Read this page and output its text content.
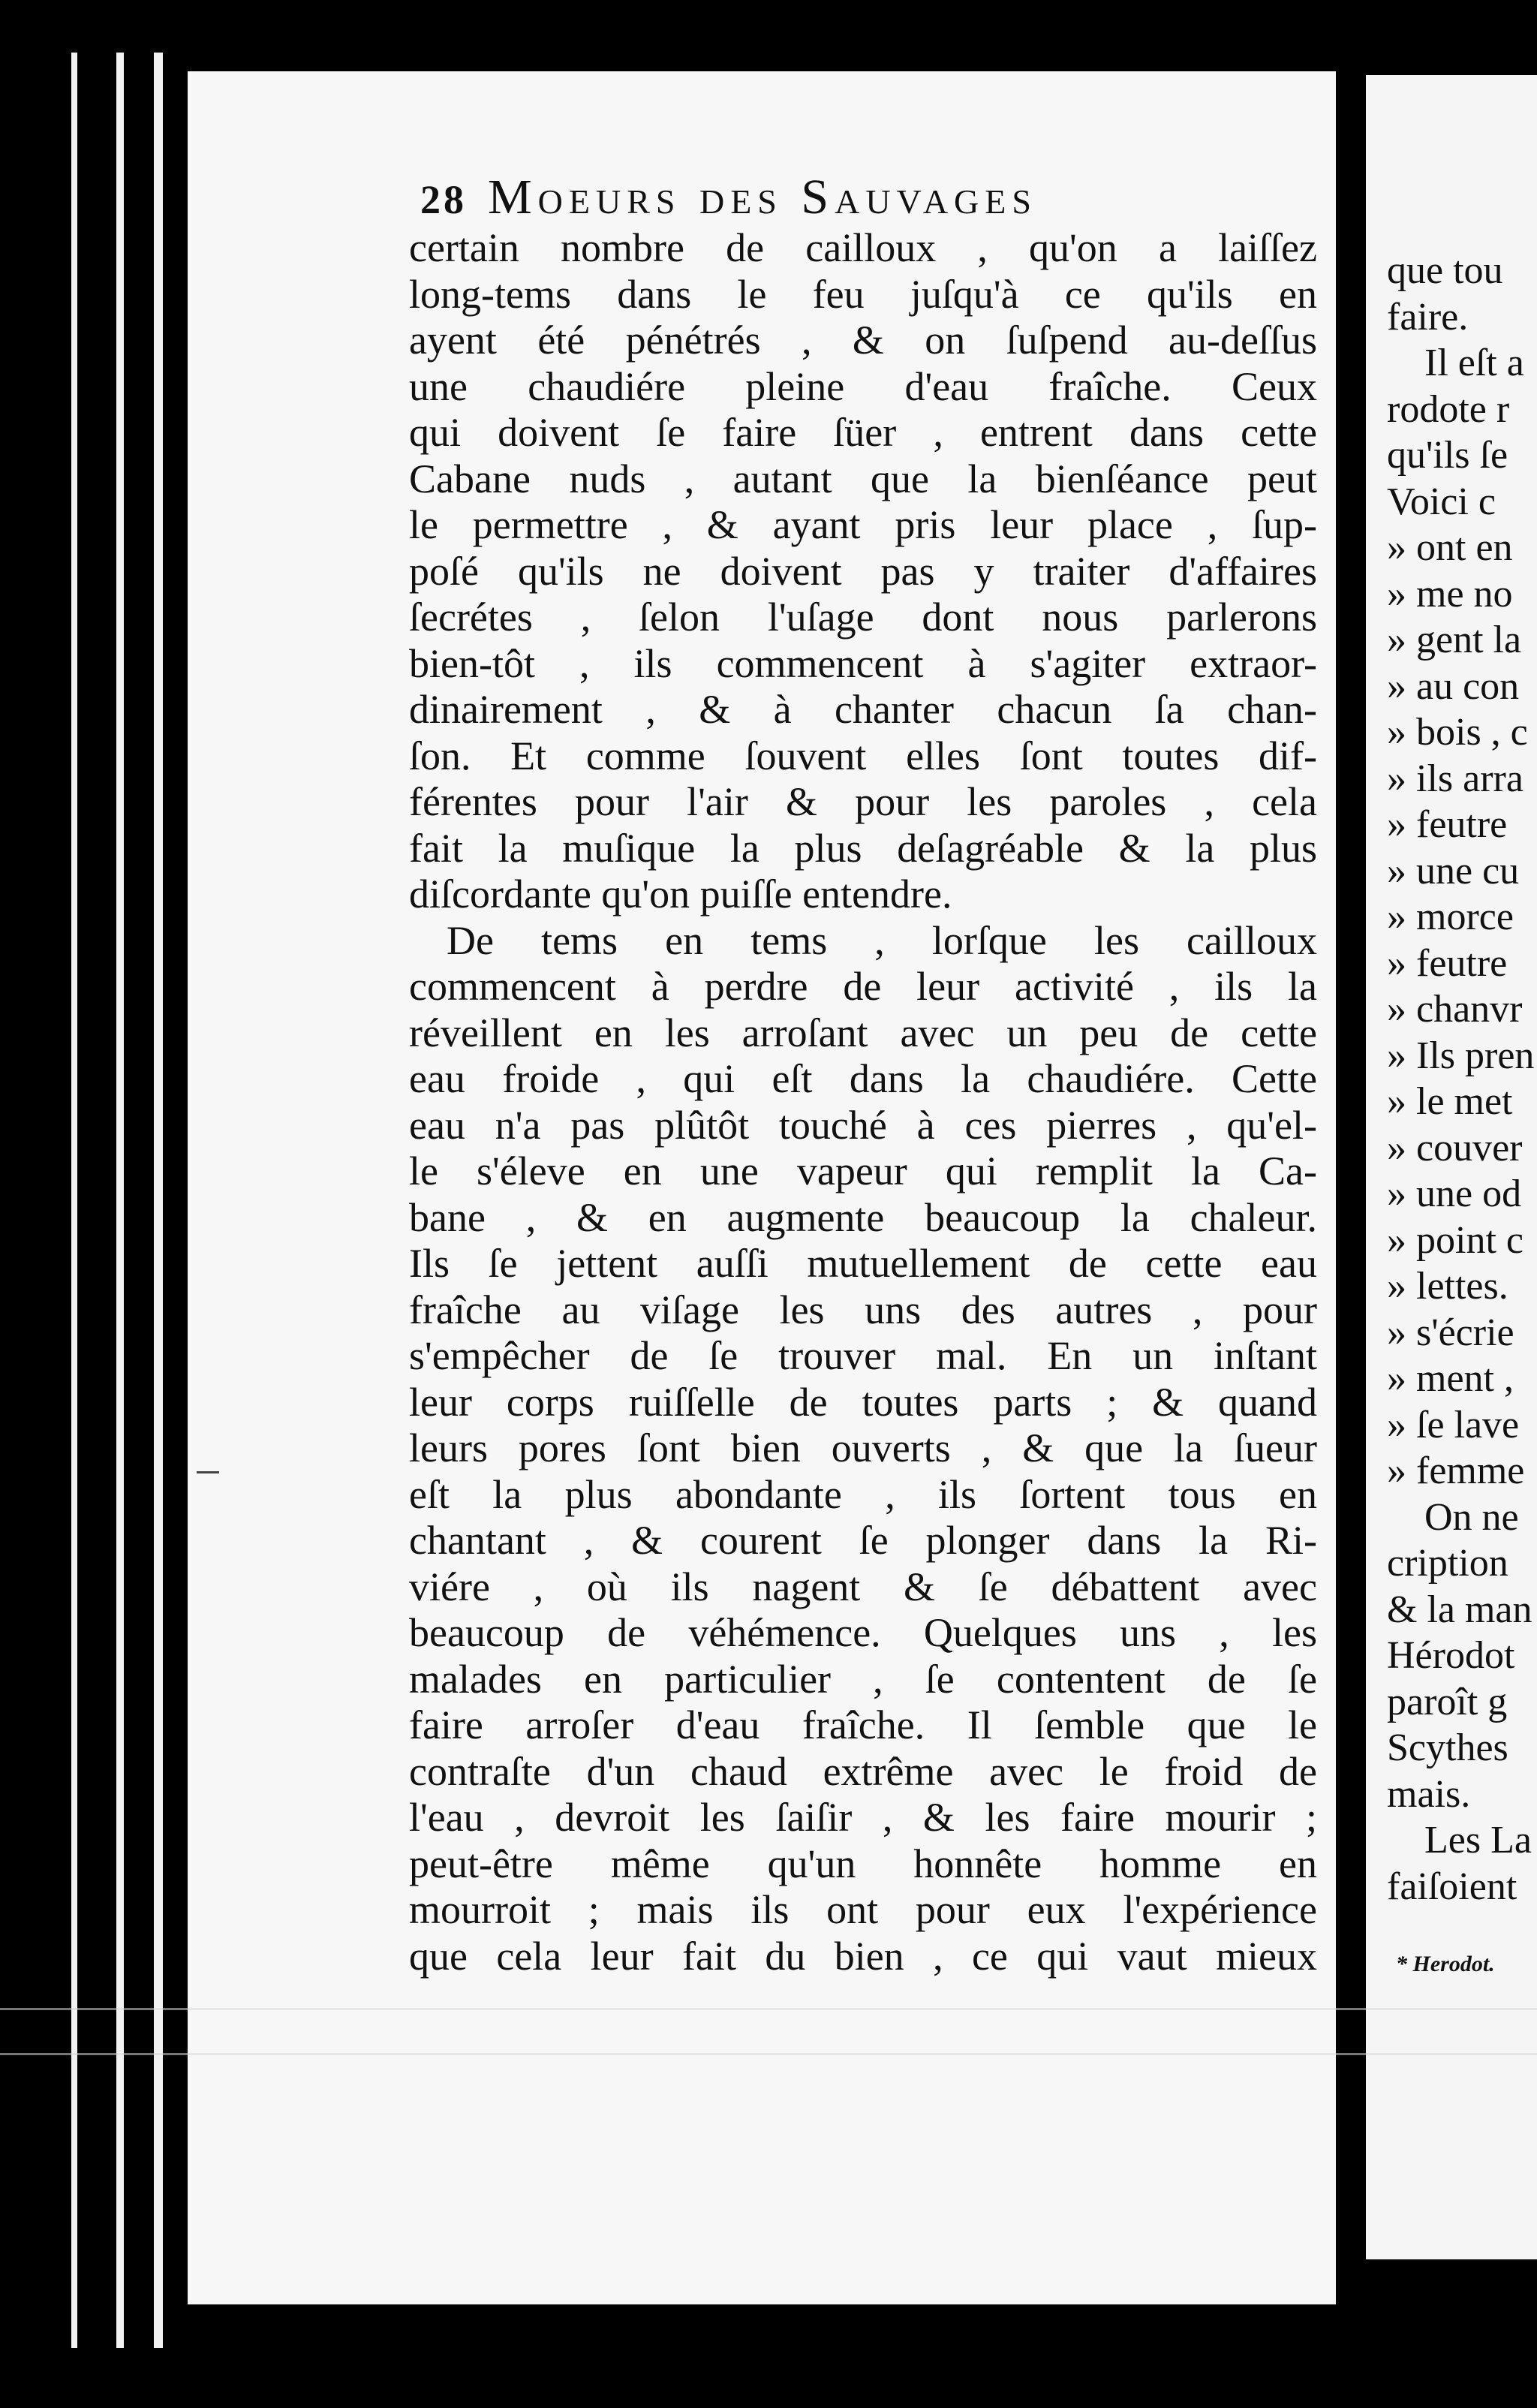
28 Moeurs des Sauvages
certain nombre de cailloux , qu'on a laiſſez
long-tems dans le feu juſqu'à ce qu'ils en
ayent été pénétrés , & on ſuſpend au-deſſus
une chaudiére pleine d'eau fraîche. Ceux
qui doivent ſe faire ſüer , entrent dans cette
Cabane nuds , autant que la bienſéance peut
le permettre , & ayant pris leur place , ſup-
poſé qu'ils ne doivent pas y traiter d'affaires
ſecrétes , ſelon l'uſage dont nous parlerons
bien-tôt , ils commencent à s'agiter extraor-
dinairement , & à chanter chacun ſa chan-
ſon. Et comme ſouvent elles ſont toutes dif-
férentes pour l'air & pour les paroles , cela
fait la muſique la plus deſagréable & la plus
diſcordante qu'on puiſſe entendre.
De tems en tems , lorſque les cailloux
commencent à perdre de leur activité , ils la
réveillent en les arroſant avec un peu de cette
eau froide , qui eſt dans la chaudiére. Cette
eau n'a pas plûtôt touché à ces pierres , qu'el-
le s'éleve en une vapeur qui remplit la Ca-
bane , & en augmente beaucoup la chaleur.
Ils ſe jettent auſſi mutuellement de cette eau
fraîche au viſage les uns des autres , pour
s'empêcher de ſe trouver mal. En un inſtant
leur corps ruiſſelle de toutes parts ; & quand
leurs pores ſont bien ouverts , & que la ſueur
eſt la plus abondante , ils ſortent tous en
chantant , & courent ſe plonger dans la Ri-
viére , où ils nagent & ſe débattent avec
beaucoup de véhémence. Quelques uns , les
malades en particulier , ſe contentent de ſe
faire arroſer d'eau fraîche. Il ſemble que le
contraſte d'un chaud extrême avec le froid de
l'eau , devroit les ſaiſir , & les faire mourir ;
peut-être même qu'un honnête homme en
mourroit ; mais ils ont pour eux l'expérience
que cela leur fait du bien , ce qui vaut mieux
que tou
faire.
Il eſt a
rodote r
qu'ils ſe
Voici c
» ont en
» me no
» gent la
» au con
» bois , c
» ils arra
» feutre
» une cu
» morce
» feutre
» chanvr
» Ils pren
» le met
» couver
» une od
» point c
» lettes.
» s'écrie
» ment ,
» ſe lave
» femme
On ne
cription
& la man
Hérodot
paroît g
Scythes
mais.
Les La
faiſoient
* Herodot.
